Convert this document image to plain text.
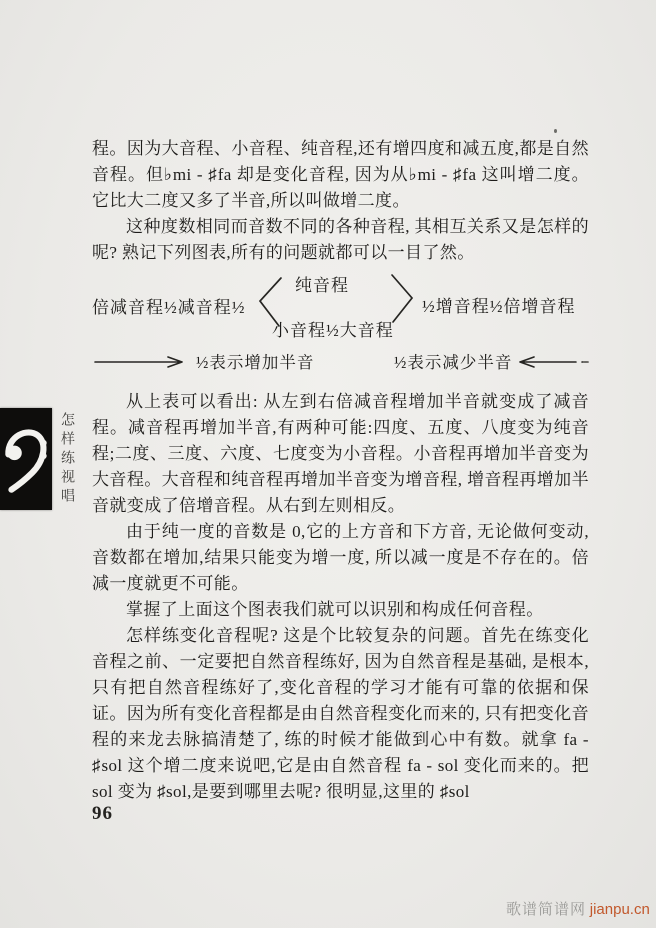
程。因为大音程、小音程、纯音程,还有增四度和减五度,都是自然音程。但♭mi - ♯fa 却是变化音程, 因为从♭mi - ♯fa 这叫增二度。它比大二度又多了半音,所以叫做增二度。

这种度数相同而音数不同的各种音程, 其相互关系又是怎样的呢? 熟记下列图表,所有的问题就都可以一目了然。

纯音程
倍减音程½减音程½
小音程½大音程
½增音程½倍增音程
½表示增加半音	½表示减少半音

从上表可以看出: 从左到右倍减音程增加半音就变成了减音程。减音程再增加半音,有两种可能:四度、五度、八度变为纯音程;二度、三度、六度、七度变为小音程。小音程再增加半音变为大音程。大音程和纯音程再增加半音变为增音程, 增音程再增加半音就变成了倍增音程。从右到左则相反。

由于纯一度的音数是 0,它的上方音和下方音, 无论做何变动,音数都在增加,结果只能变为增一度, 所以减一度是不存在的。倍减一度就更不可能。

掌握了上面这个图表我们就可以识别和构成任何音程。

怎样练变化音程呢? 这是个比较复杂的问题。首先在练变化音程之前、一定要把自然音程练好, 因为自然音程是基础, 是根本,只有把自然音程练好了,变化音程的学习才能有可靠的依据和保证。因为所有变化音程都是由自然音程变化而来的, 只有把变化音程的来龙去脉搞清楚了, 练的时候才能做到心中有数。就拿 fa - ♯sol 这个增二度来说吧,它是由自然音程 fa - sol 变化而来的。把 sol 变为 ♯sol,是要到哪里去呢? 很明显,这里的 ♯sol

怎样练视唱
96
歌谱简谱网 jianpu.cn
